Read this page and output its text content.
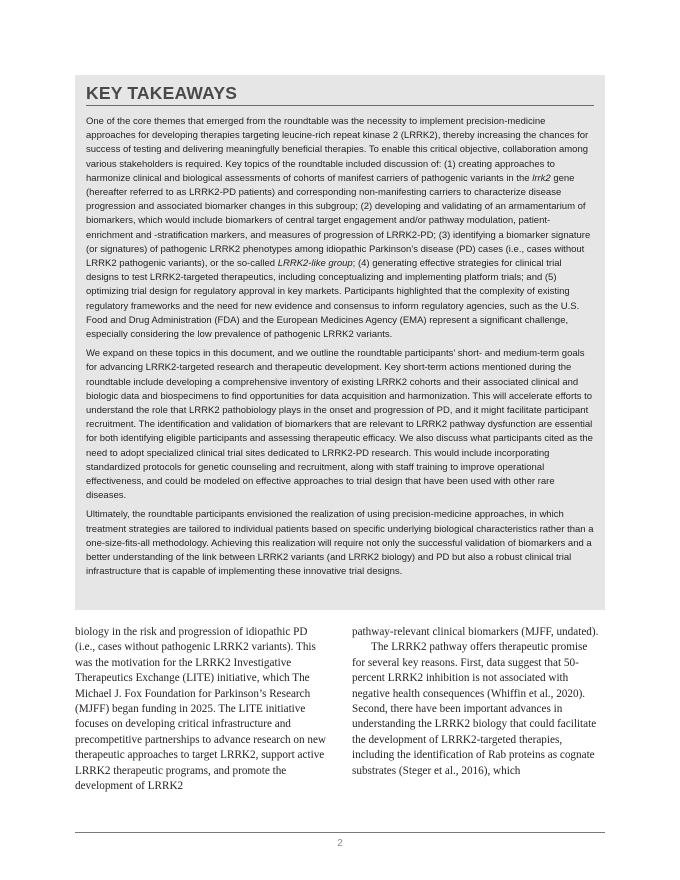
KEY TAKEAWAYS

One of the core themes that emerged from the roundtable was the necessity to implement precision-medicine approaches for developing therapies targeting leucine-rich repeat kinase 2 (LRRK2), thereby increasing the chances for success of testing and delivering meaningfully beneficial therapies. To enable this critical objective, collaboration among various stakeholders is required. Key topics of the roundtable included discussion of: (1) creating approaches to harmonize clinical and biological assessments of cohorts of manifest carriers of pathogenic variants in the lrrk2 gene (hereafter referred to as LRRK2-PD patients) and corresponding non-manifesting carriers to characterize disease progression and associated biomarker changes in this subgroup; (2) developing and validating of an armamentarium of biomarkers, which would include biomarkers of central target engagement and/or pathway modulation, patient-enrichment and -stratification markers, and measures of progression of LRRK2-PD; (3) identifying a biomarker signature (or signatures) of pathogenic LRRK2 phenotypes among idiopathic Parkinson’s disease (PD) cases (i.e., cases without LRRK2 pathogenic variants), or the so-called LRRK2-like group; (4) generating effective strategies for clinical trial designs to test LRRK2-targeted therapeutics, including conceptualizing and implementing platform trials; and (5) optimizing trial design for regulatory approval in key markets. Participants highlighted that the complexity of existing regulatory frameworks and the need for new evidence and consensus to inform regulatory agencies, such as the U.S. Food and Drug Administration (FDA) and the European Medicines Agency (EMA) represent a significant challenge, especially considering the low prevalence of pathogenic LRRK2 variants.

We expand on these topics in this document, and we outline the roundtable participants’ short- and medium-term goals for advancing LRRK2-targeted research and therapeutic development. Key short-term actions mentioned during the roundtable include developing a comprehensive inventory of existing LRRK2 cohorts and their associated clinical and biologic data and biospecimens to find opportunities for data acquisition and harmonization. This will accelerate efforts to understand the role that LRRK2 pathobiology plays in the onset and progression of PD, and it might facilitate participant recruitment. The identification and validation of biomarkers that are relevant to LRRK2 pathway dysfunction are essential for both identifying eligible participants and assessing therapeutic efficacy. We also discuss what participants cited as the need to adopt specialized clinical trial sites dedicated to LRRK2-PD research. This would include incorporating standardized protocols for genetic counseling and recruitment, along with staff training to improve operational effectiveness, and could be modeled on effective approaches to trial design that have been used with other rare diseases.

Ultimately, the roundtable participants envisioned the realization of using precision-medicine approaches, in which treatment strategies are tailored to individual patients based on specific underlying biological characteristics rather than a one-size-fits-all methodology. Achieving this realization will require not only the successful validation of biomarkers and a better understanding of the link between LRRK2 variants (and LRRK2 biology) and PD but also a robust clinical trial infrastructure that is capable of implementing these innovative trial designs.

biology in the risk and progression of idiopathic PD (i.e., cases without pathogenic LRRK2 variants). This was the motivation for the LRRK2 Investigative Therapeutics Exchange (LITE) initiative, which The Michael J. Fox Foundation for Parkinson’s Research (MJFF) began funding in 2025. The LITE initiative focuses on developing critical infrastructure and precompetitive partnerships to advance research on new therapeutic approaches to target LRRK2, support active LRRK2 therapeutic programs, and promote the development of LRRK2

pathway-relevant clinical biomarkers (MJFF, undated).

The LRRK2 pathway offers therapeutic promise for several key reasons. First, data suggest that 50-percent LRRK2 inhibition is not associated with negative health consequences (Whiffin et al., 2020). Second, there have been important advances in understanding the LRRK2 biology that could facilitate the development of LRRK2-targeted therapies, including the identification of Rab proteins as cognate substrates (Steger et al., 2016), which

2
